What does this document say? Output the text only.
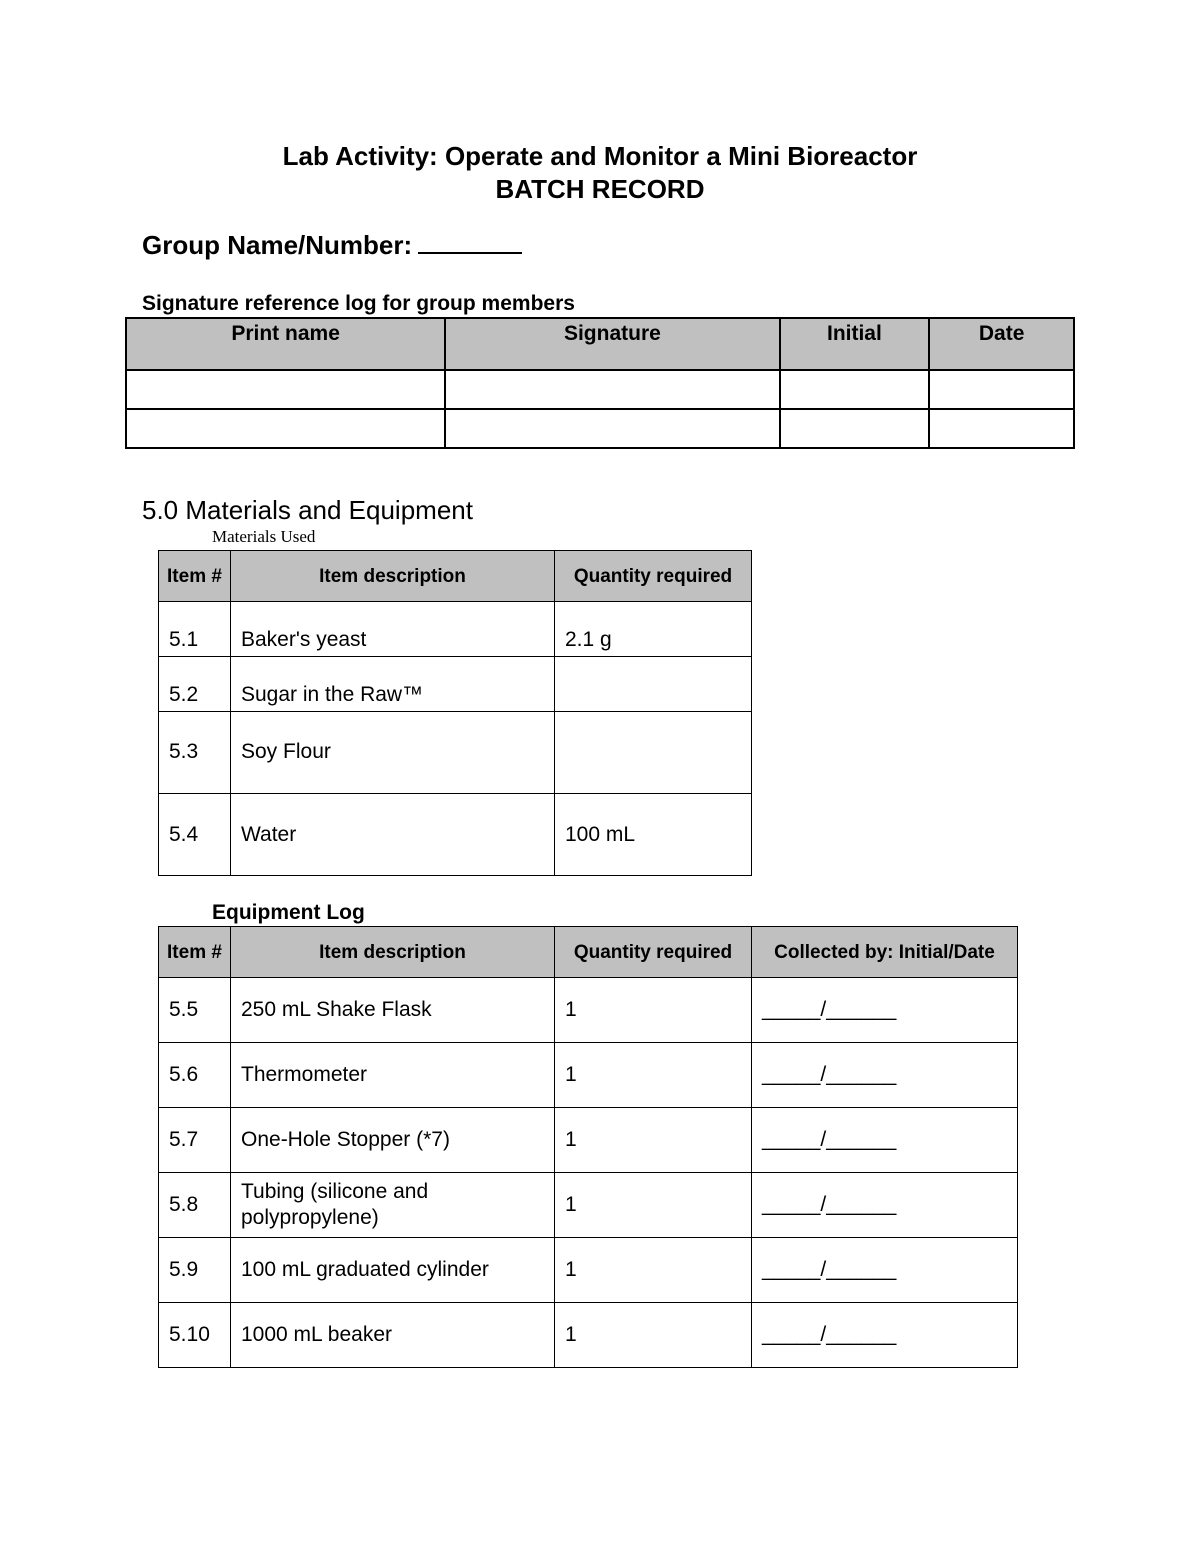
Lab Activity: Operate and Monitor a Mini Bioreactor
BATCH RECORD
Group Name/Number:
Signature reference log for group members
Print name	Signature	Initial	Date

5.0 Materials and Equipment
Materials Used
Item #	Item description	Quantity required
5.1	Baker's yeast	2.1 g
5.2	Sugar in the Raw™	
5.3	Soy Flour	
5.4	Water	100 mL
Equipment Log
Item #	Item description	Quantity required	Collected by: Initial/Date
5.5	250 mL Shake Flask	1	_____/______
5.6	Thermometer	1	_____/______
5.7	One-Hole Stopper (*7)	1	_____/______
5.8	Tubing (silicone and polypropylene)	1	_____/______
5.9	100 mL graduated cylinder	1	_____/______
5.10	1000 mL beaker	1	_____/______
